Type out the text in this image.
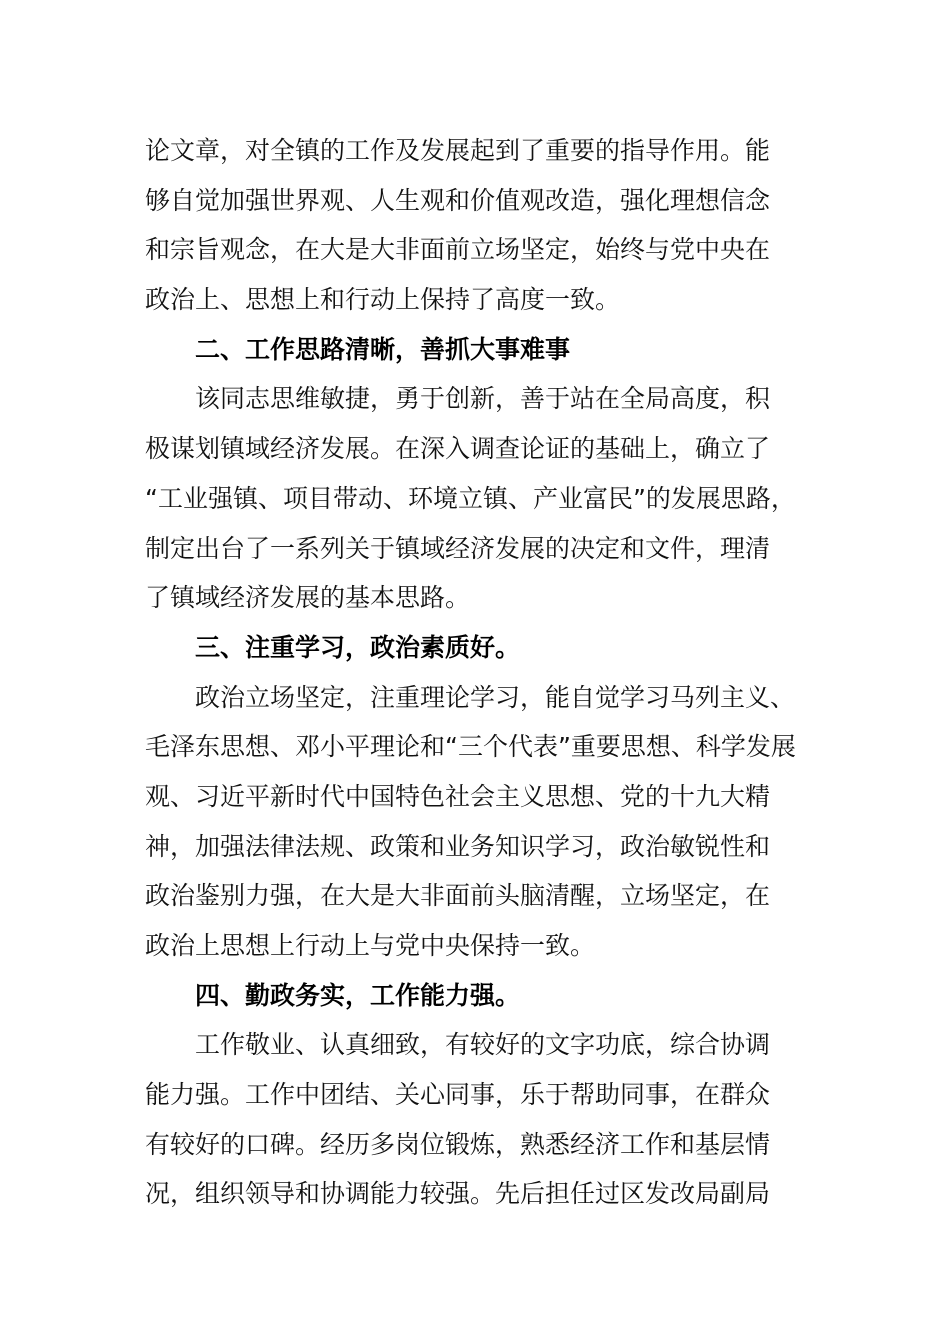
论文章，对全镇的工作及发展起到了重要的指导作用。能
够自觉加强世界观、人生观和价值观改造，强化理想信念
和宗旨观念，在大是大非面前立场坚定，始终与党中央在
政治上、思想上和行动上保持了高度一致。
二、工作思路清晰，善抓大事难事
该同志思维敏捷，勇于创新，善于站在全局高度，积
极谋划镇域经济发展。在深入调查论证的基础上，确立了
“工业强镇、项目带动、环境立镇、产业富民”的发展思路，
制定出台了一系列关于镇域经济发展的决定和文件，理清
了镇域经济发展的基本思路。
三、注重学习，政治素质好。
政治立场坚定，注重理论学习，能自觉学习马列主义、
毛泽东思想、邓小平理论和“三个代表”重要思想、科学发展
观、习近平新时代中国特色社会主义思想、党的十九大精
神，加强法律法规、政策和业务知识学习，政治敏锐性和
政治鉴别力强，在大是大非面前头脑清醒，立场坚定，在
政治上思想上行动上与党中央保持一致。
四、勤政务实，工作能力强。
工作敬业、认真细致，有较好的文字功底，综合协调
能力强。工作中团结、关心同事，乐于帮助同事，在群众
有较好的口碑。经历多岗位锻炼，熟悉经济工作和基层情
况，组织领导和协调能力较强。先后担任过区发改局副局
